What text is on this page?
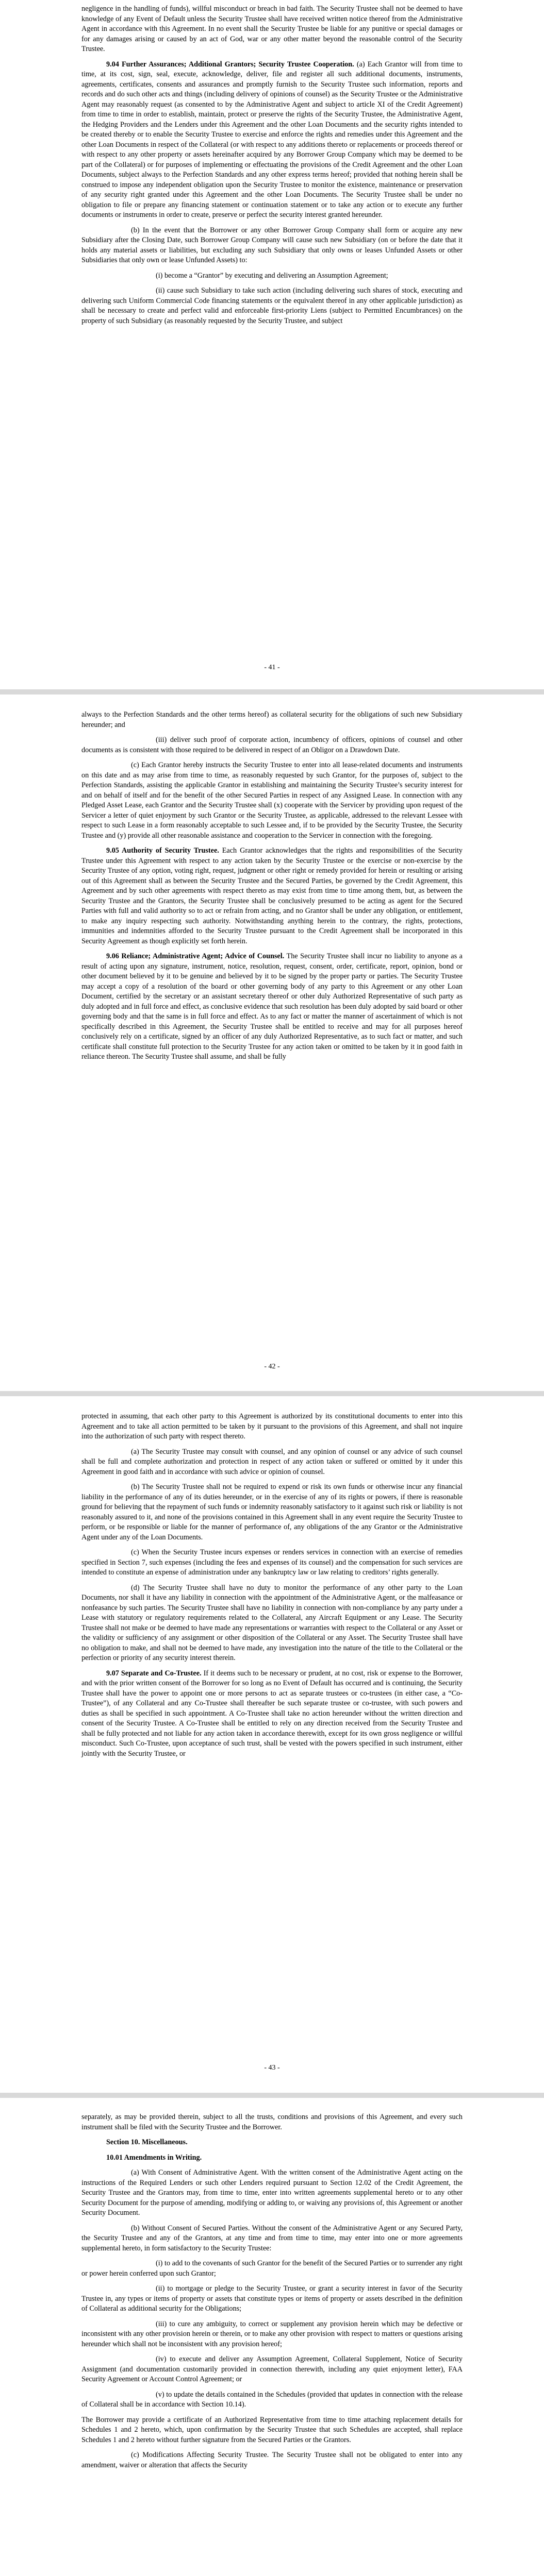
negligence in the handling of funds), willful misconduct or breach in bad faith. The Security Trustee shall not be deemed to have knowledge of any Event of Default unless the Security Trustee shall have received written notice thereof from the Administrative Agent in accordance with this Agreement. In no event shall the Security Trustee be liable for any punitive or special damages or for any damages arising or caused by an act of God, war or any other matter beyond the reasonable control of the Security Trustee.

9.04 Further Assurances; Additional Grantors; Security Trustee Cooperation. (a) Each Grantor will from time to time, at its cost, sign, seal, execute, acknowledge, deliver, file and register all such additional documents, instruments, agreements, certificates, consents and assurances and promptly furnish to the Security Trustee such information, reports and records and do such other acts and things (including delivery of opinions of counsel) as the Security Trustee or the Administrative Agent may reasonably request (as consented to by the Administrative Agent and subject to article XI of the Credit Agreement) from time to time in order to establish, maintain, protect or preserve the rights of the Security Trustee, the Administrative Agent, the Hedging Providers and the Lenders under this Agreement and the other Loan Documents and the security rights intended to be created thereby or to enable the Security Trustee to exercise and enforce the rights and remedies under this Agreement and the other Loan Documents in respect of the Collateral (or with respect to any additions thereto or replacements or proceeds thereof or with respect to any other property or assets hereinafter acquired by any Borrower Group Company which may be deemed to be part of the Collateral) or for purposes of implementing or effectuating the provisions of the Credit Agreement and the other Loan Documents, subject always to the Perfection Standards and any other express terms hereof; provided that nothing herein shall be construed to impose any independent obligation upon the Security Trustee to monitor the existence, maintenance or preservation of any security right granted under this Agreement and the other Loan Documents. The Security Trustee shall be under no obligation to file or prepare any financing statement or continuation statement or to take any action or to execute any further documents or instruments in order to create, preserve or perfect the security interest granted hereunder.

(b) In the event that the Borrower or any other Borrower Group Company shall form or acquire any new Subsidiary after the Closing Date, such Borrower Group Company will cause such new Subsidiary (on or before the date that it holds any material assets or liabilities, but excluding any such Subsidiary that only owns or leases Unfunded Assets or other Subsidiaries that only own or lease Unfunded Assets) to:

(i) become a “Grantor” by executing and delivering an Assumption Agreement;

(ii) cause such Subsidiary to take such action (including delivering such shares of stock, executing and delivering such Uniform Commercial Code financing statements or the equivalent thereof in any other applicable jurisdiction) as shall be necessary to create and perfect valid and enforceable first-priority Liens (subject to Permitted Encumbrances) on the property of such Subsidiary (as reasonably requested by the Security Trustee, and subject

- 41 -

always to the Perfection Standards and the other terms hereof) as collateral security for the obligations of such new Subsidiary hereunder; and

(iii) deliver such proof of corporate action, incumbency of officers, opinions of counsel and other documents as is consistent with those required to be delivered in respect of an Obligor on a Drawdown Date.

(c) Each Grantor hereby instructs the Security Trustee to enter into all lease-related documents and instruments on this date and as may arise from time to time, as reasonably requested by such Grantor, for the purposes of, subject to the Perfection Standards, assisting the applicable Grantor in establishing and maintaining the Security Trustee’s security interest for and on behalf of itself and for the benefit of the other Secured Parties in respect of any Assigned Lease. In connection with any Pledged Asset Lease, each Grantor and the Security Trustee shall (x) cooperate with the Servicer by providing upon request of the Servicer a letter of quiet enjoyment by such Grantor or the Security Trustee, as applicable, addressed to the relevant Lessee with respect to such Lease in a form reasonably acceptable to such Lessee and, if to be provided by the Security Trustee, the Security Trustee and (y) provide all other reasonable assistance and cooperation to the Servicer in connection with the foregoing.

9.05 Authority of Security Trustee. Each Grantor acknowledges that the rights and responsibilities of the Security Trustee under this Agreement with respect to any action taken by the Security Trustee or the exercise or non-exercise by the Security Trustee of any option, voting right, request, judgment or other right or remedy provided for herein or resulting or arising out of this Agreement shall as between the Security Trustee and the Secured Parties, be governed by the Credit Agreement, this Agreement and by such other agreements with respect thereto as may exist from time to time among them, but, as between the Security Trustee and the Grantors, the Security Trustee shall be conclusively presumed to be acting as agent for the Secured Parties with full and valid authority so to act or refrain from acting, and no Grantor shall be under any obligation, or entitlement, to make any inquiry respecting such authority. Notwithstanding anything herein to the contrary, the rights, protections, immunities and indemnities afforded to the Security Trustee pursuant to the Credit Agreement shall be incorporated in this Security Agreement as though explicitly set forth herein.

9.06 Reliance; Administrative Agent; Advice of Counsel. The Security Trustee shall incur no liability to anyone as a result of acting upon any signature, instrument, notice, resolution, request, consent, order, certificate, report, opinion, bond or other document believed by it to be genuine and believed by it to be signed by the proper party or parties. The Security Trustee may accept a copy of a resolution of the board or other governing body of any party to this Agreement or any other Loan Document, certified by the secretary or an assistant secretary thereof or other duly Authorized Representative of such party as duly adopted and in full force and effect, as conclusive evidence that such resolution has been duly adopted by said board or other governing body and that the same is in full force and effect. As to any fact or matter the manner of ascertainment of which is not specifically described in this Agreement, the Security Trustee shall be entitled to receive and may for all purposes hereof conclusively rely on a certificate, signed by an officer of any duly Authorized Representative, as to such fact or matter, and such certificate shall constitute full protection to the Security Trustee for any action taken or omitted to be taken by it in good faith in reliance thereon. The Security Trustee shall assume, and shall be fully

- 42 -

protected in assuming, that each other party to this Agreement is authorized by its constitutional documents to enter into this Agreement and to take all action permitted to be taken by it pursuant to the provisions of this Agreement, and shall not inquire into the authorization of such party with respect thereto.

(a) The Security Trustee may consult with counsel, and any opinion of counsel or any advice of such counsel shall be full and complete authorization and protection in respect of any action taken or suffered or omitted by it under this Agreement in good faith and in accordance with such advice or opinion of counsel.

(b) The Security Trustee shall not be required to expend or risk its own funds or otherwise incur any financial liability in the performance of any of its duties hereunder, or in the exercise of any of its rights or powers, if there is reasonable ground for believing that the repayment of such funds or indemnity reasonably satisfactory to it against such risk or liability is not reasonably assured to it, and none of the provisions contained in this Agreement shall in any event require the Security Trustee to perform, or be responsible or liable for the manner of performance of, any obligations of the any Grantor or the Administrative Agent under any of the Loan Documents.

(c) When the Security Trustee incurs expenses or renders services in connection with an exercise of remedies specified in Section 7, such expenses (including the fees and expenses of its counsel) and the compensation for such services are intended to constitute an expense of administration under any bankruptcy law or law relating to creditors’ rights generally.

(d) The Security Trustee shall have no duty to monitor the performance of any other party to the Loan Documents, nor shall it have any liability in connection with the appointment of the Administrative Agent, or the malfeasance or nonfeasance by such parties. The Security Trustee shall have no liability in connection with non-compliance by any party under a Lease with statutory or regulatory requirements related to the Collateral, any Aircraft Equipment or any Lease. The Security Trustee shall not make or be deemed to have made any representations or warranties with respect to the Collateral or any Asset or the validity or sufficiency of any assignment or other disposition of the Collateral or any Asset. The Security Trustee shall have no obligation to make, and shall not be deemed to have made, any investigation into the nature of the title to the Collateral or the perfection or priority of any security interest therein.

9.07 Separate and Co-Trustee. If it deems such to be necessary or prudent, at no cost, risk or expense to the Borrower, and with the prior written consent of the Borrower for so long as no Event of Default has occurred and is continuing, the Security Trustee shall have the power to appoint one or more persons to act as separate trustees or co-trustees (in either case, a “Co-Trustee”), of any Collateral and any Co-Trustee shall thereafter be such separate trustee or co-trustee, with such powers and duties as shall be specified in such appointment. A Co-Trustee shall take no action hereunder without the written direction and consent of the Security Trustee. A Co-Trustee shall be entitled to rely on any direction received from the Security Trustee and shall be fully protected and not liable for any action taken in accordance therewith, except for its own gross negligence or willful misconduct. Such Co-Trustee, upon acceptance of such trust, shall be vested with the powers specified in such instrument, either jointly with the Security Trustee, or

- 43 -

separately, as may be provided therein, subject to all the trusts, conditions and provisions of this Agreement, and every such instrument shall be filed with the Security Trustee and the Borrower.

Section 10. Miscellaneous.

10.01 Amendments in Writing.

(a) With Consent of Administrative Agent. With the written consent of the Administrative Agent acting on the instructions of the Required Lenders or such other Lenders required pursuant to Section 12.02 of the Credit Agreement, the Security Trustee and the Grantors may, from time to time, enter into written agreements supplemental hereto or to any other Security Document for the purpose of amending, modifying or adding to, or waiving any provisions of, this Agreement or another Security Document.

(b) Without Consent of Secured Parties. Without the consent of the Administrative Agent or any Secured Party, the Security Trustee and any of the Grantors, at any time and from time to time, may enter into one or more agreements supplemental hereto, in form satisfactory to the Security Trustee:

(i) to add to the covenants of such Grantor for the benefit of the Secured Parties or to surrender any right or power herein conferred upon such Grantor;

(ii) to mortgage or pledge to the Security Trustee, or grant a security interest in favor of the Security Trustee in, any types or items of property or assets that constitute types or items of property or assets described in the definition of Collateral as additional security for the Obligations;

(iii) to cure any ambiguity, to correct or supplement any provision herein which may be defective or inconsistent with any other provision herein or therein, or to make any other provision with respect to matters or questions arising hereunder which shall not be inconsistent with any provision hereof;

(iv) to execute and deliver any Assumption Agreement, Collateral Supplement, Notice of Security Assignment (and documentation customarily provided in connection therewith, including any quiet enjoyment letter), FAA Security Agreement or Account Control Agreement; or

(v) to update the details contained in the Schedules (provided that updates in connection with the release of Collateral shall be in accordance with Section 10.14).

The Borrower may provide a certificate of an Authorized Representative from time to time attaching replacement details for Schedules 1 and 2 hereto, which, upon confirmation by the Security Trustee that such Schedules are accepted, shall replace Schedules 1 and 2 hereto without further signature from the Secured Parties or the Grantors.

(c) Modifications Affecting Security Trustee. The Security Trustee shall not be obligated to enter into any amendment, waiver or alteration that affects the Security
